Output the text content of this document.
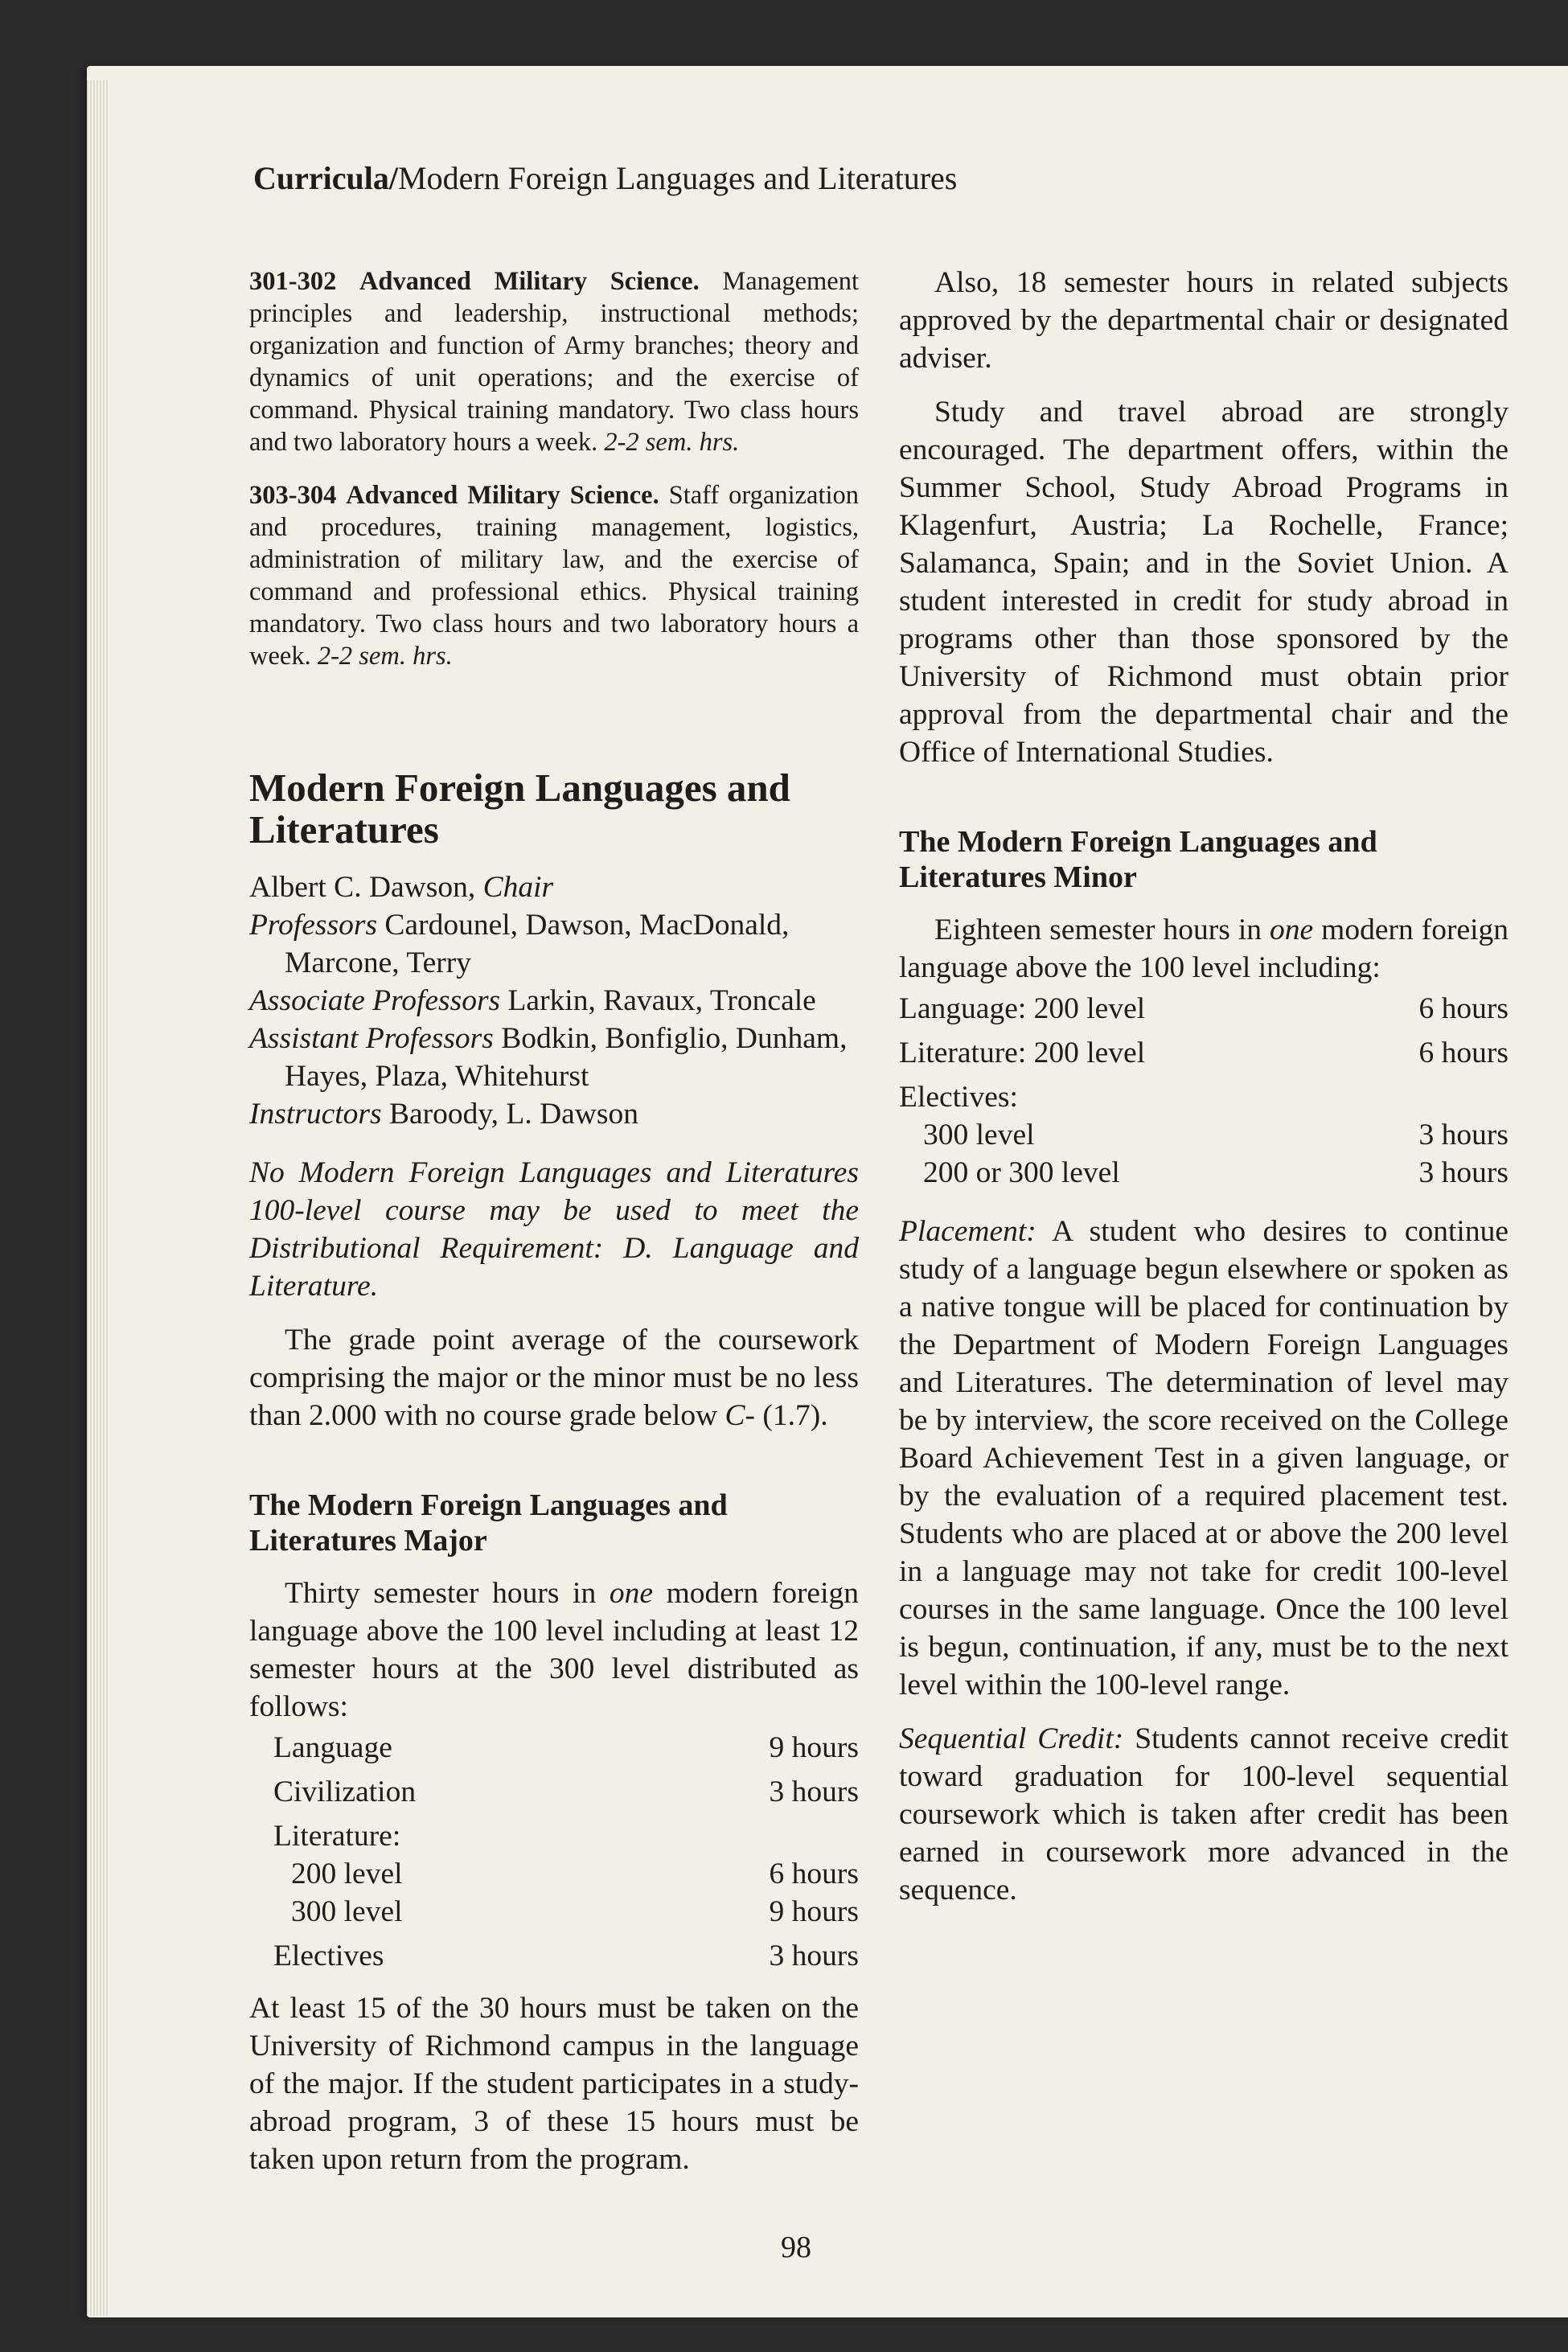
Curricula/Modern Foreign Languages and Literatures

301-302 Advanced Military Science. Management principles and leadership, instructional methods; organization and function of Army branches; theory and dynamics of unit operations; and the exercise of command. Physical training mandatory. Two class hours and two laboratory hours a week. 2-2 sem. hrs.

303-304 Advanced Military Science. Staff organization and procedures, training management, logistics, administration of military law, and the exercise of command and professional ethics. Physical training mandatory. Two class hours and two laboratory hours a week. 2-2 sem. hrs.

Modern Foreign Languages and Literatures
Albert C. Dawson, Chair
Professors Cardounel, Dawson, MacDonald, Marcone, Terry
Associate Professors Larkin, Ravaux, Troncale
Assistant Professors Bodkin, Bonfiglio, Dunham, Hayes, Plaza, Whitehurst
Instructors Baroody, L. Dawson

No Modern Foreign Languages and Literatures 100-level course may be used to meet the Distributional Requirement: D. Language and Literature.

The grade point average of the coursework comprising the major or the minor must be no less than 2.000 with no course grade below C- (1.7).

The Modern Foreign Languages and Literatures Major

Thirty semester hours in one modern foreign language above the 100 level including at least 12 semester hours at the 300 level distributed as follows:

Language	9 hours
Civilization	3 hours
Literature:
200 level	6 hours
300 level	9 hours
Electives	3 hours

At least 15 of the 30 hours must be taken on the University of Richmond campus in the language of the major. If the student participates in a study-abroad program, 3 of these 15 hours must be taken upon return from the program.

Also, 18 semester hours in related subjects approved by the departmental chair or designated adviser.

Study and travel abroad are strongly encouraged. The department offers, within the Summer School, Study Abroad Programs in Klagenfurt, Austria; La Rochelle, France; Salamanca, Spain; and in the Soviet Union. A student interested in credit for study abroad in programs other than those sponsored by the University of Richmond must obtain prior approval from the departmental chair and the Office of International Studies.

The Modern Foreign Languages and Literatures Minor

Eighteen semester hours in one modern foreign language above the 100 level including:

Language: 200 level	6 hours
Literature: 200 level	6 hours
Electives:
300 level	3 hours
200 or 300 level	3 hours

Placement: A student who desires to continue study of a language begun elsewhere or spoken as a native tongue will be placed for continuation by the Department of Modern Foreign Languages and Literatures. The determination of level may be by interview, the score received on the College Board Achievement Test in a given language, or by the evaluation of a required placement test. Students who are placed at or above the 200 level in a language may not take for credit 100-level courses in the same language. Once the 100 level is begun, continuation, if any, must be to the next level within the 100-level range.

Sequential Credit: Students cannot receive credit toward graduation for 100-level sequential coursework which is taken after credit has been earned in coursework more advanced in the sequence.

98
